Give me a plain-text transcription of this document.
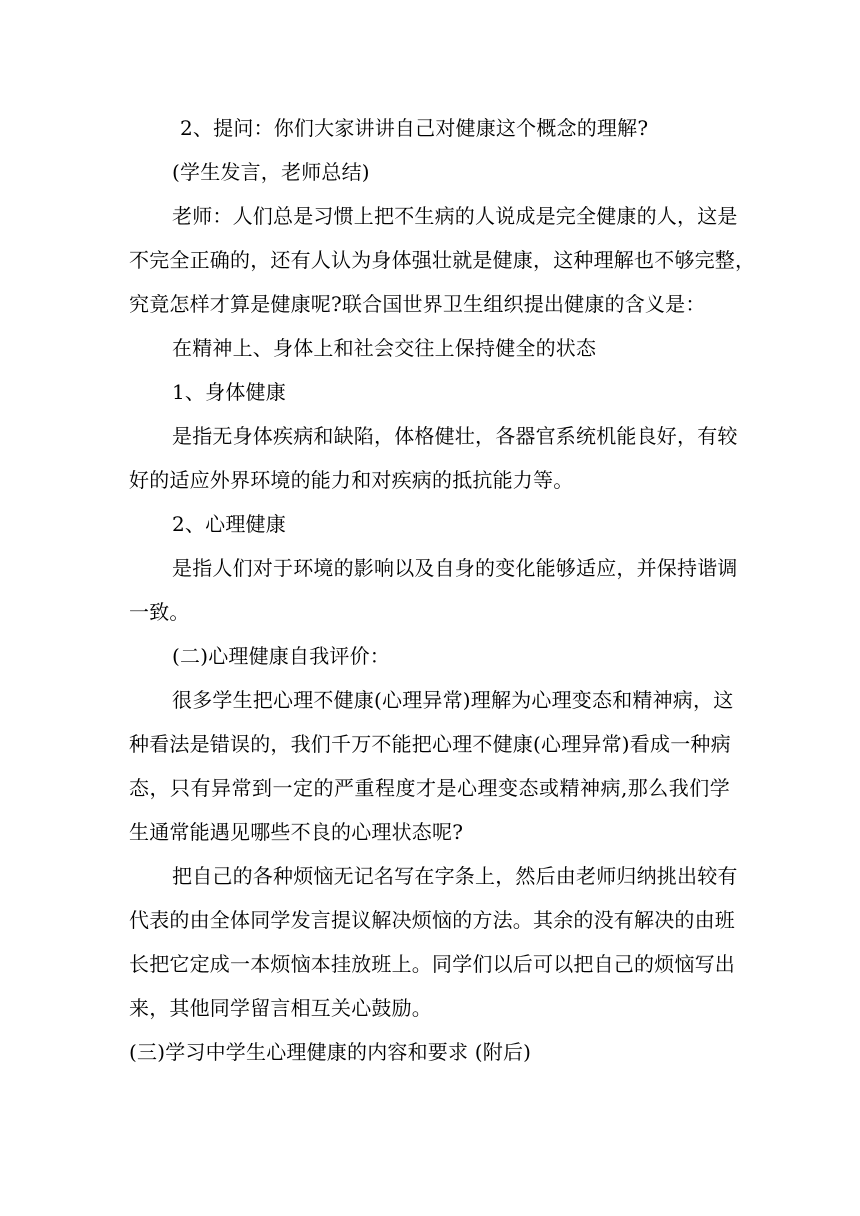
2、提问：你们大家讲讲自己对健康这个概念的理解?
(学生发言，老师总结)
老师：人们总是习惯上把不生病的人说成是完全健康的人，这是
不完全正确的，还有人认为身体强壮就是健康，这种理解也不够完整，
究竟怎样才算是健康呢?联合国世界卫生组织提出健康的含义是：
在精神上、身体上和社会交往上保持健全的状态
1、身体健康
是指无身体疾病和缺陷，体格健壮，各器官系统机能良好，有较
好的适应外界环境的能力和对疾病的抵抗能力等。
2、心理健康
是指人们对于环境的影响以及自身的变化能够适应，并保持谐调
一致。
(二)心理健康自我评价：
很多学生把心理不健康(心理异常)理解为心理变态和精神病，这
种看法是错误的，我们千万不能把心理不健康(心理异常)看成一种病
态，只有异常到一定的严重程度才是心理变态或精神病,那么我们学
生通常能遇见哪些不良的心理状态呢?
把自己的各种烦恼无记名写在字条上，然后由老师归纳挑出较有
代表的由全体同学发言提议解决烦恼的方法。其余的没有解决的由班
长把它定成一本烦恼本挂放班上。同学们以后可以把自己的烦恼写出
来，其他同学留言相互关心鼓励。
(三)学习中学生心理健康的内容和要求 (附后)
